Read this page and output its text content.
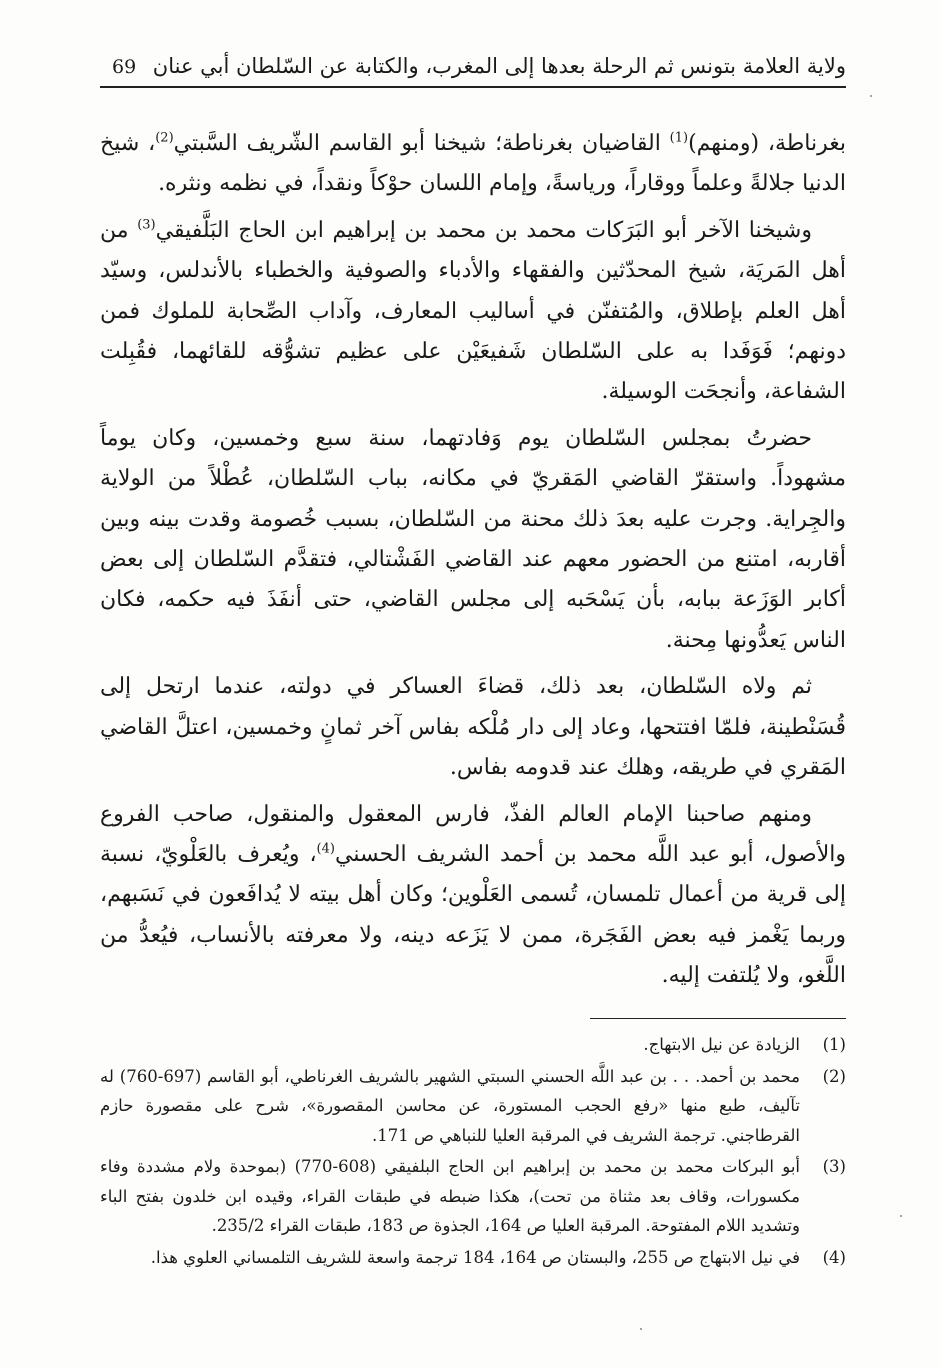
ولاية العلامة بتونس ثم الرحلة بعدها إلى المغرب، والكتابة عن السّلطان أبي عنان
69

بغرناطة، (ومنهم)$^{(1)}$ القاضيان بغرناطة؛ شيخنا أبو القاسم الشّريف السَّبتي$^{(2)}$، شيخ الدنيا جلالةً وعلماً ووقاراً، ورياسةً، وإمام اللسان حوْكاً ونقداً، في نظمه ونثره.

وشيخنا الآخر أبو البَرَكات محمد بن محمد بن إبراهيم ابن الحاج البَلَّفيقي$^{(3)}$ من أهل المَريَة، شيخ المحدّثين والفقهاء والأدباء والصوفية والخطباء بالأندلس، وسيّد أهل العلم بإطلاق، والمُتفنّن في أساليب المعارف، وآداب الصِّحابة للملوك فمن دونهم؛ فَوَفَدا به على السّلطان شَفيعَيْن على عظيم تشوُّقه للقائهما، فقُبِلت الشفاعة، وأنجحَت الوسيلة.

حضرتُ بمجلس السّلطان يوم وَفادتهما، سنة سبع وخمسين، وكان يوماً مشهوداً. واستقرّ القاضي المَقريّ في مكانه، بباب السّلطان، عُطْلاً من الولاية والجِراية. وجرت عليه بعدَ ذلك محنة من السّلطان، بسبب خُصومة وقدت بينه وبين أقاربه، امتنع من الحضور معهم عند القاضي الفَشْتالي، فتقدَّم السّلطان إلى بعض أكابر الوَزَعة ببابه، بأن يَسْحَبه إلى مجلس القاضي، حتى أنفَذَ فيه حكمه، فكان الناس يَعدُّونها مِحنة.

ثم ولاه السّلطان، بعد ذلك، قضاءَ العساكر في دولته، عندما ارتحل إلى قُسَنْطينة، فلمّا افتتحها، وعاد إلى دار مُلْكه بفاس آخر ثمانٍ وخمسين، اعتلَّ القاضي المَقري في طريقه، وهلك عند قدومه بفاس.

ومنهم صاحبنا الإمام العالم الفذّ، فارس المعقول والمنقول، صاحب الفروع والأصول، أبو عبد اللَّه محمد بن أحمد الشريف الحسني$^{(4)}$، ويُعرف بالعَلْويّ، نسبة إلى قرية من أعمال تلمسان، تُسمى العَلْوين؛ وكان أهل بيته لا يُدافَعون في نَسَبهم، وربما يَغْمز فيه بعض الفَجَرة، ممن لا يَزَعه دينه، ولا معرفته بالأنساب، فيُعدُّ من اللَّغو، ولا يُلتفت إليه.

(1)
الزيادة عن نيل الابتهاج.
(2)
محمد بن أحمد. . . بن عبد اللَّه الحسني السبتي الشهير بالشريف الغرناطي، أبو القاسم (697-760) له تآليف، طبع منها «رفع الحجب المستورة، عن محاسن المقصورة»، شرح على مقصورة حازم القرطاجني. ترجمة الشريف في المرقبة العليا للنباهي ص 171.
(3)
أبو البركات محمد بن محمد بن إبراهيم ابن الحاج البلفيقي (608-770) (بموحدة ولام مشددة وفاء مكسورات، وقاف بعد مثناة من تحت)، هكذا ضبطه في طبقات القراء، وقيده ابن خلدون بفتح الباء وتشديد اللام المفتوحة. المرقبة العليا ص 164، الجذوة ص 183، طبقات القراء 235/2.
(4)
في نيل الابتهاج ص 255، والبستان ص 164، 184 ترجمة واسعة للشريف التلمساني العلوي هذا.
